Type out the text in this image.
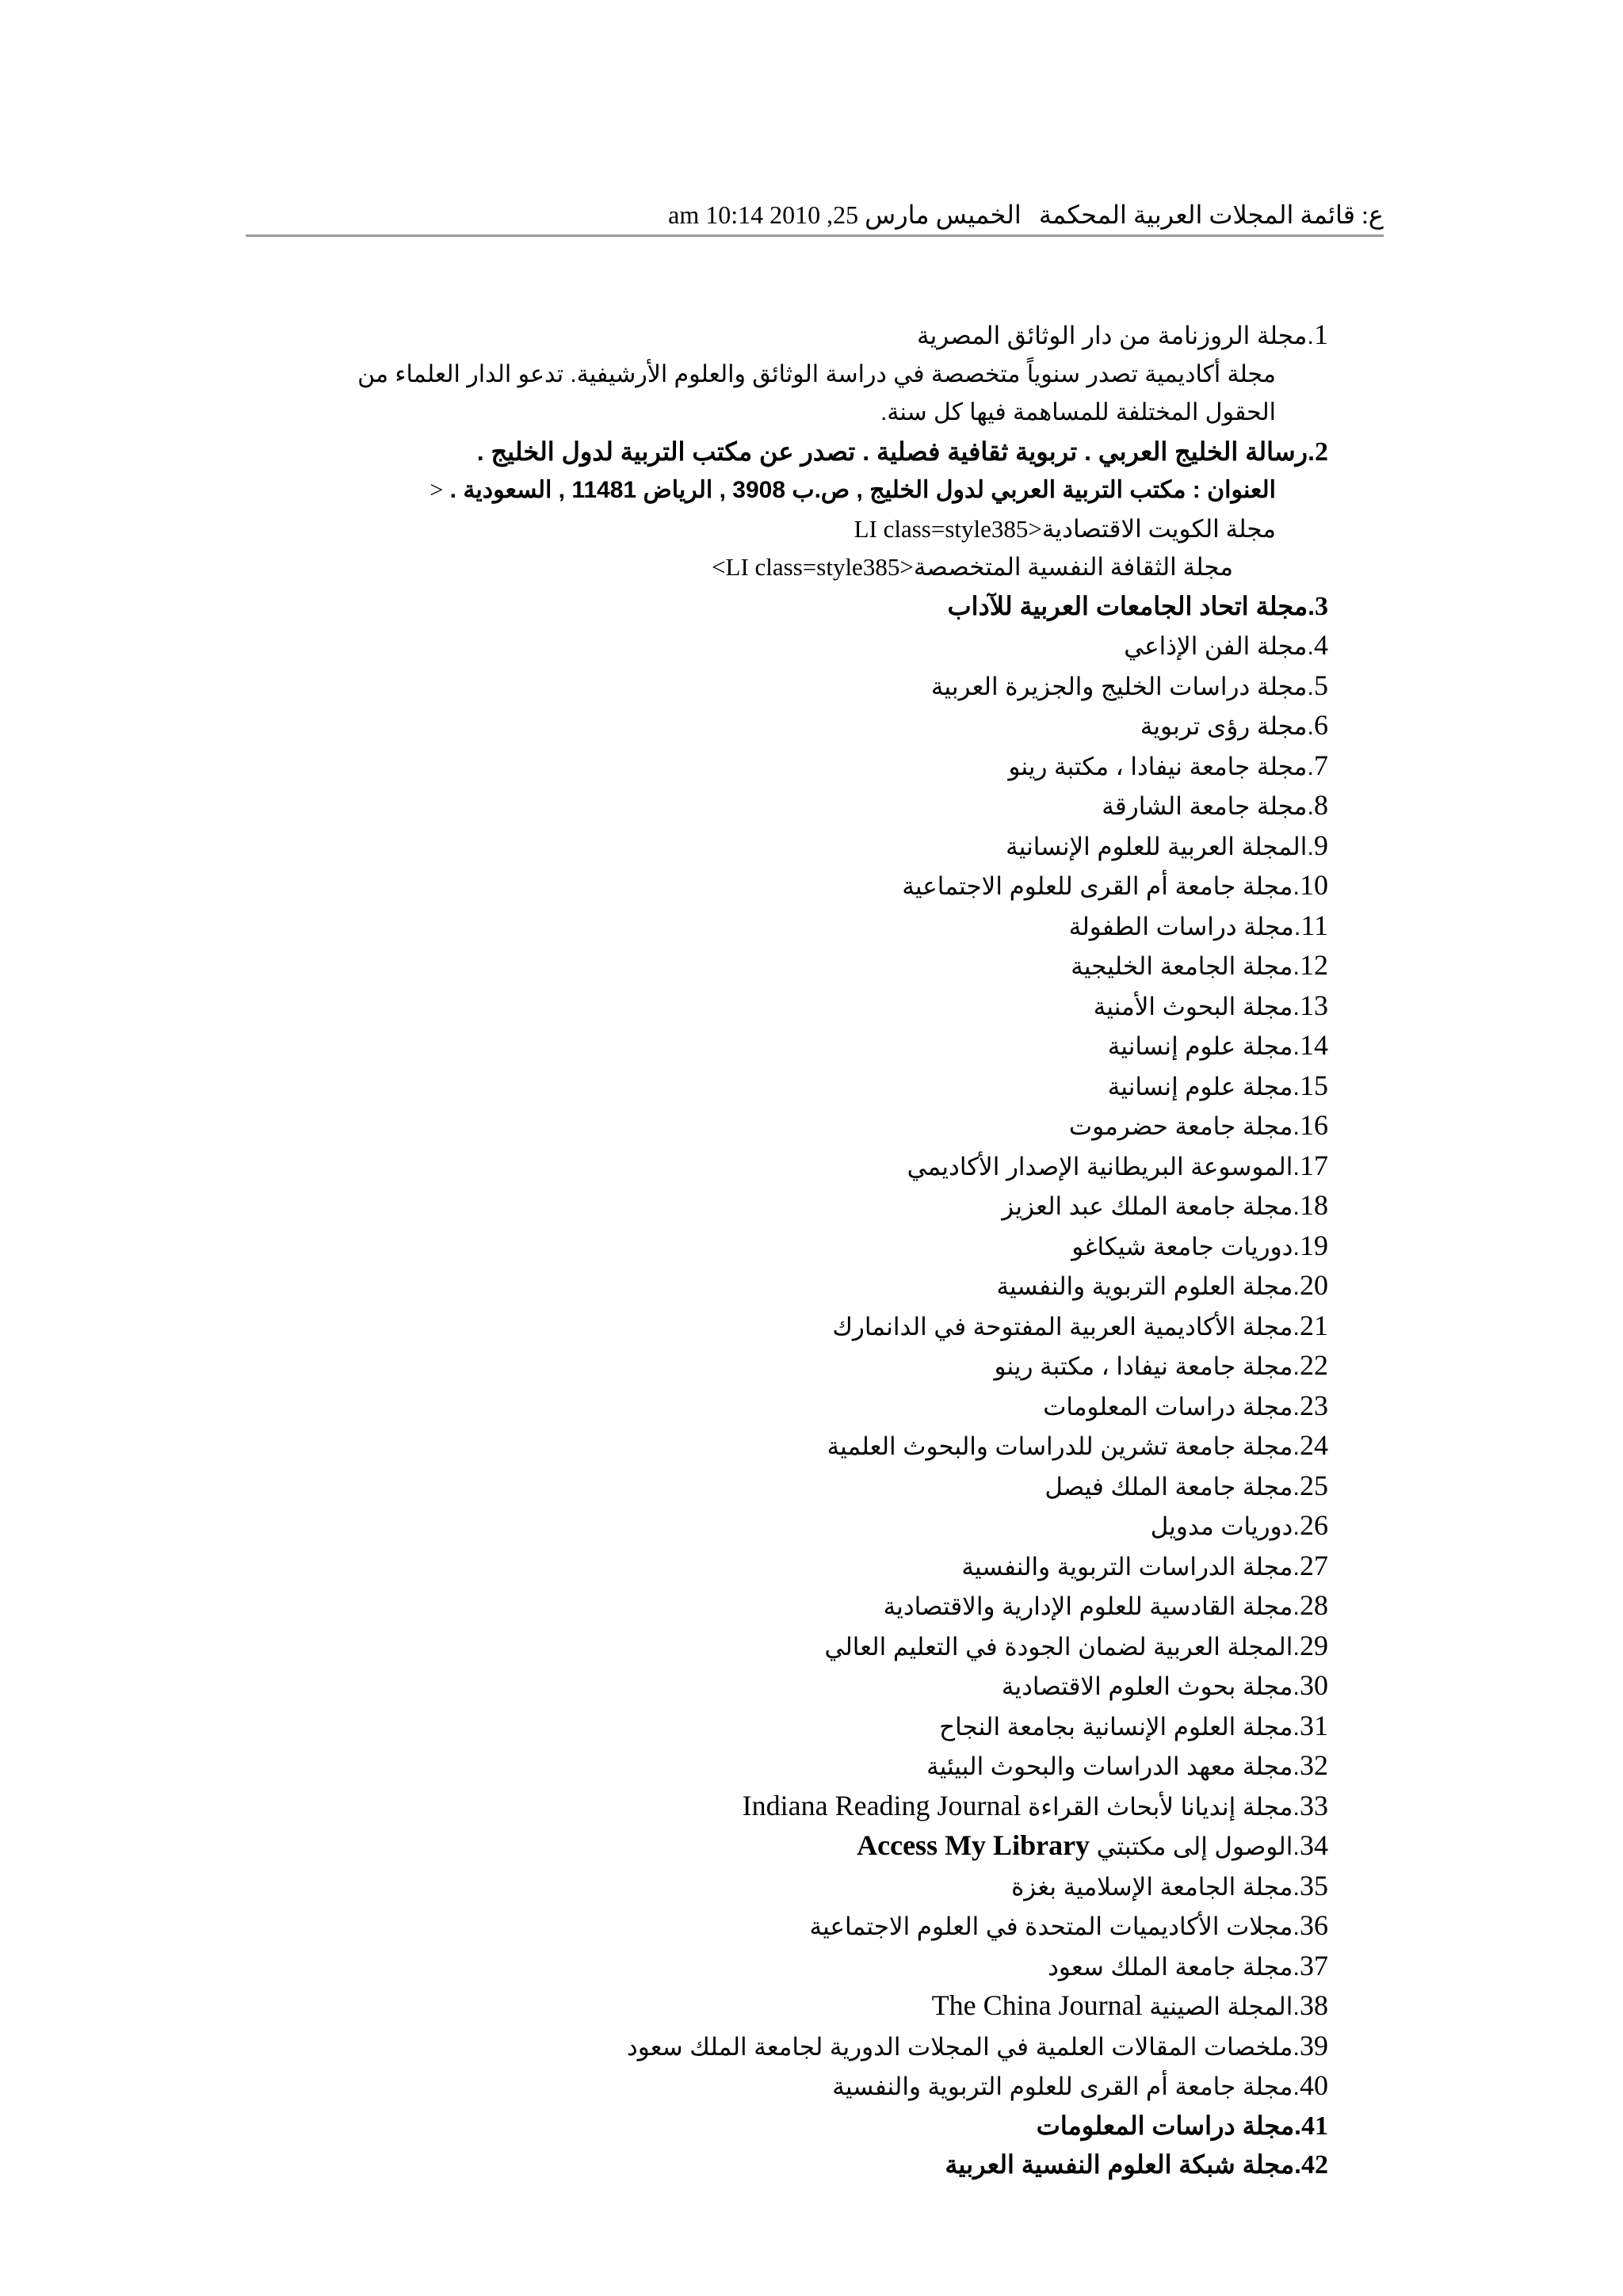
ع: قائمة المجلات العربية المحكمةالخميس مارس 25, 2010 10:14 am
1.مجلة الروزنامة من دار الوثائق المصرية
مجلة أكاديمية تصدر سنوياً متخصصة في دراسة الوثائق والعلوم الأرشيفية. تدعو الدار العلماء من
الحقول المختلفة للمساهمة فيها كل سنة.
2.رسالة الخليج العربي . تربوية ثقافية فصلية . تصدر عن مكتب التربية لدول الخليج .
العنوان : مكتب التربية العربي لدول الخليج , ص.ب 3908 , الرياض 11481 , السعودية . <
مجلة الكويت الاقتصادية<LI class=style385
مجلة الثقافة النفسية المتخصصة<LI class=style385>
3.مجلة اتحاد الجامعات العربية للآداب
4.مجلة الفن الإذاعي
5.مجلة دراسات الخليج والجزيرة العربية
6.مجلة رؤى تربوية
7.مجلة جامعة نيفادا ، مكتبة رينو
8.مجلة جامعة الشارقة
9.المجلة العربية للعلوم الإنسانية
10.مجلة جامعة أم القرى للعلوم الاجتماعية
11.مجلة دراسات الطفولة
12.مجلة الجامعة الخليجية
13.مجلة البحوث الأمنية
14.مجلة علوم إنسانية
15.مجلة علوم إنسانية
16.مجلة جامعة حضرموت
17.الموسوعة البريطانية الإصدار الأكاديمي
18.مجلة جامعة الملك عبد العزيز
19.دوريات جامعة شيكاغو
20.مجلة العلوم التربوية والنفسية
21.مجلة الأكاديمية العربية المفتوحة في الدانمارك
22.مجلة جامعة نيفادا ، مكتبة رينو
23.مجلة دراسات المعلومات
24.مجلة جامعة تشرين للدراسات والبحوث العلمية
25.مجلة جامعة الملك فيصل
26.دوريات مدويل
27.مجلة الدراسات التربوية والنفسية
28.مجلة القادسية للعلوم الإدارية والاقتصادية
29.المجلة العربية لضمان الجودة في التعليم العالي
30.مجلة بحوث العلوم الاقتصادية
31.مجلة العلوم الإنسانية بجامعة النجاح
32.مجلة معهد الدراسات والبحوث البيئية
33.مجلة إنديانا لأبحاث القراءة Indiana Reading Journal
34.الوصول إلى مكتبتي Access My Library
35.مجلة الجامعة الإسلامية بغزة
36.مجلات الأكاديميات المتحدة في العلوم الاجتماعية
37.مجلة جامعة الملك سعود
38.المجلة الصينية The China Journal
39.ملخصات المقالات العلمية في المجلات الدورية لجامعة الملك سعود
40.مجلة جامعة أم القرى للعلوم التربوية والنفسية
41.مجلة دراسات المعلومات
42.مجلة شبكة العلوم النفسية العربية
